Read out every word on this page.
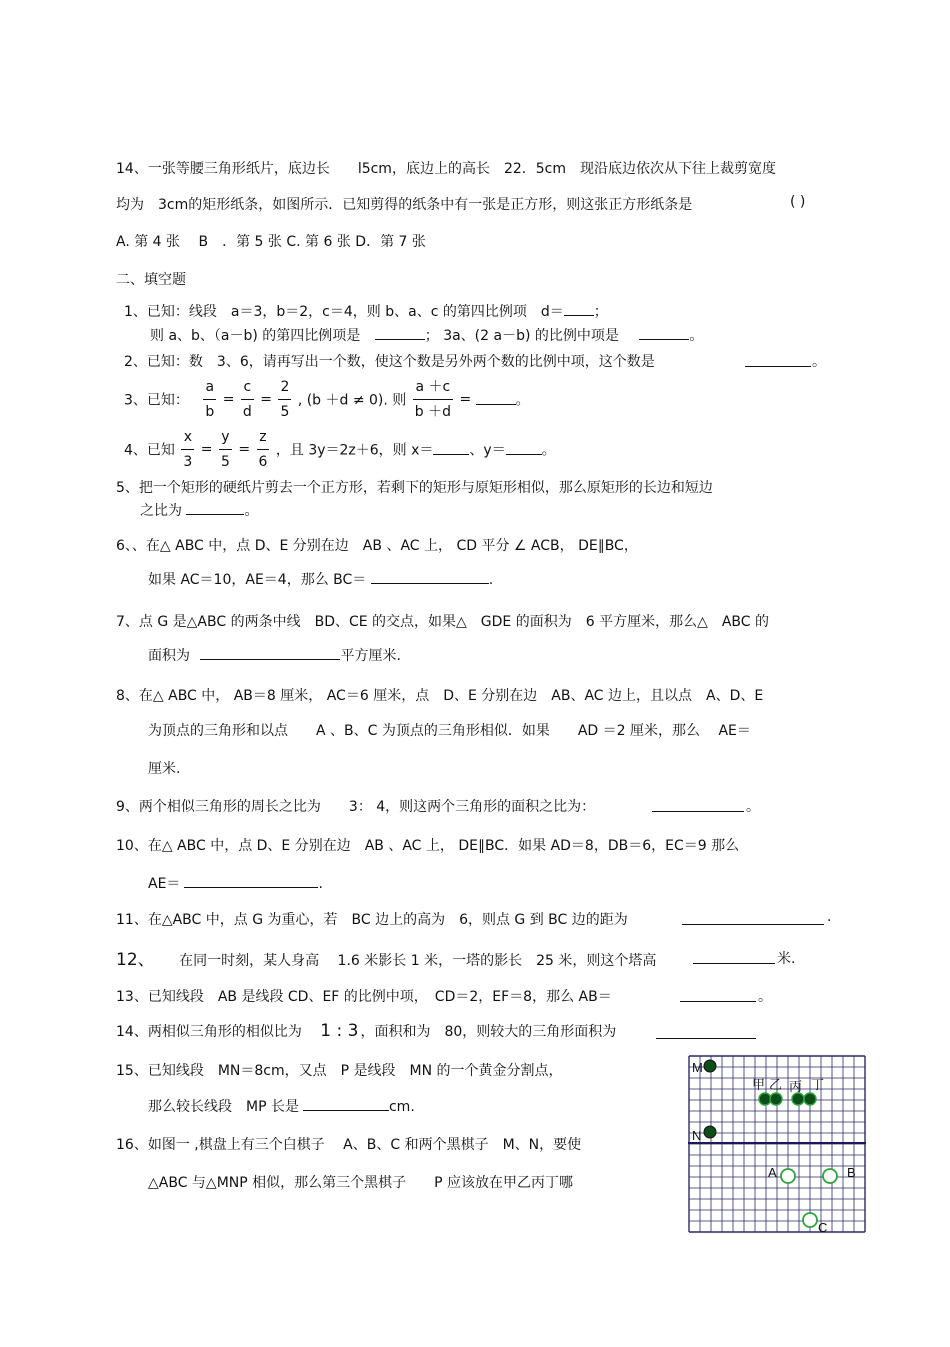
14、一张等腰三角形纸片，底边长　　l5cm，底边上的高长　22．5cm　现沿底边依次从下往上裁剪宽度
均为　3cm的矩形纸条，如图所示．已知剪得的纸条中有一张是正方形，则这张正方形纸条是	( )
A. 第 4 张　 B　．第 5 张 C. 第 6 张 D．第 7 张
二、填空题
1、已知：线段　a＝3，b＝2，c＝4，则 b、a、c 的第四比例项　d＝ ；
则 a、b、（a－b) 的第四比例项是	； 3a、(2 a－b) 的比例中项是	。
2、已知：数　3、6，请再写出一个数，使这个数是另外两个数的比例中项，这个数是	。
3、已知： $\frac{a}{b} = \frac{c}{d} = \frac{2}{5}$ , (b ＋d ≠ 0). 则 $\frac{a +c}{b +d}$ =	。
4、已知 $\frac{x}{3} = \frac{y}{5} = \frac{z}{6}$ ，且 3y＝2z＋6，则 x＝	、y＝	。
5、把一个矩形的硬纸片剪去一个正方形，若剩下的矩形与原矩形相似，那么原矩形的长边和短边
之比为	。
6、、在△ ABC 中，点 D、E 分别在边　AB 、AC 上， CD 平分 ∠ ACB， DE∥BC，
如果 AC＝10，AE＝4，那么 BC＝	.
7、点 G 是△ABC 的两条中线　BD、CE 的交点，如果△　GDE 的面积为　6 平方厘米，那么△　ABC 的
面积为	平方厘米.
8、在△ ABC 中， AB＝8 厘米， AC＝6 厘米，点　D、E 分别在边　AB、AC 边上，且以点　A、D、E
为顶点的三角形和以点　　A 、B、C 为顶点的三角形相似．如果　　AD ＝2 厘米，那么　 AE＝
厘米.
9、两个相似三角形的周长之比为　　3： 4，则这两个三角形的面积之比为：	。
10、在△ ABC 中，点 D、E 分别在边　AB 、AC 上， DE∥BC．如果 AD＝8，DB＝6，EC＝9 那么
AE＝	.
11、在△ABC 中，点 G 为重心，若　BC 边上的高为　6，则点 G 到 BC 边的距为	.
12、 在同一时刻，某人身高　 1.6 米影长 1 米，一塔的影长　25 米，则这个塔高	米.
13、已知线段　AB 是线段 CD、EF 的比例中项，　CD＝2，EF＝8，那么 AB＝	。
14、两相似三角形的相似比为 1 : 3 ，面积和为　80，则较大的三角形面积为
15、已知线段　MN＝8cm，又点　P 是线段　MN 的一个黄金分割点，
那么较长线段　MP 长是	cm.
16、如图一 ,棋盘上有三个白棋子　 A、B、C 和两个黑棋子　M、N，要使
△ABC 与△MNP 相似，那么第三个黑棋子　　P 应该放在甲乙丙丁哪
M
N
A	B
C
甲 乙 丙 丁
